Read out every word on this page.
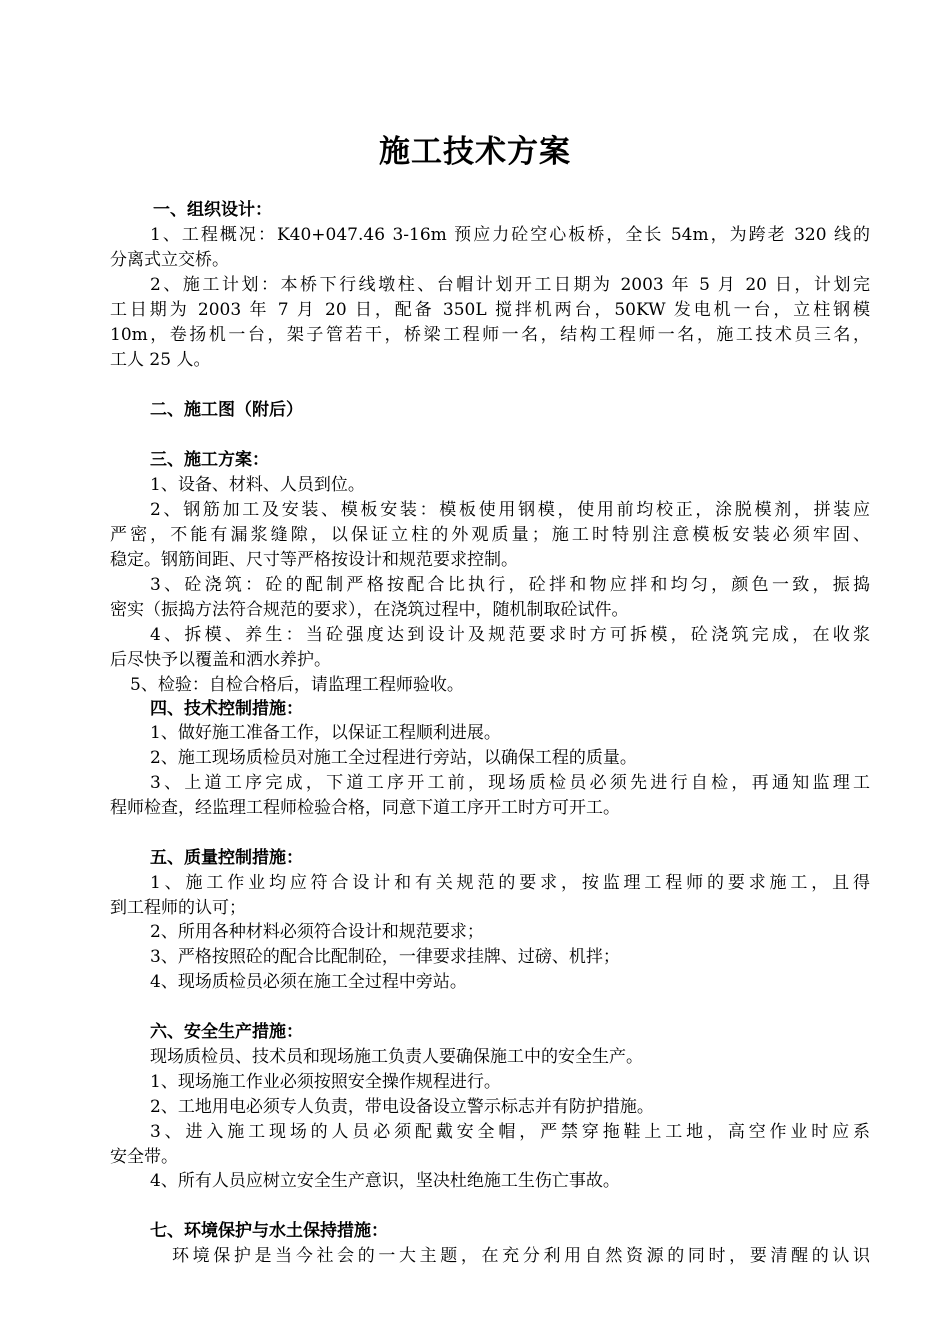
施工技术方案
一、组织设计：
1、工程概况：K40+047.46 3-16m 预应力砼空心板桥，全长 54m，为跨老 320 线的
分离式立交桥。
2、施工计划：本桥下行线墩柱、台帽计划开工日期为 2003 年 5 月 20 日，计划完
工日期为 2003 年 7 月 20 日，配备 350L 搅拌机两台，50KW 发电机一台，立柱钢模
10m，卷扬机一台，架子管若干，桥梁工程师一名，结构工程师一名，施工技术员三名，
工人 25 人。
二、施工图（附后）
三、施工方案：
1、设备、材料、人员到位。
2、钢筋加工及安装、模板安装：模板使用钢模，使用前均校正，涂脱模剂，拼装应
严密，不能有漏浆缝隙，以保证立柱的外观质量；施工时特别注意模板安装必须牢固、
稳定。钢筋间距、尺寸等严格按设计和规范要求控制。
3、砼浇筑：砼的配制严格按配合比执行，砼拌和物应拌和均匀，颜色一致，振捣
密实（振捣方法符合规范的要求），在浇筑过程中，随机制取砼试件。
4、拆模、养生：当砼强度达到设计及规范要求时方可拆模，砼浇筑完成，在收浆
后尽快予以覆盖和洒水养护。
5、检验：自检合格后，请监理工程师验收。
四、技术控制措施：
1、做好施工准备工作，以保证工程顺利进展。
2、施工现场质检员对施工全过程进行旁站，以确保工程的质量。
3、上道工序完成，下道工序开工前，现场质检员必须先进行自检，再通知监理工
程师检查，经监理工程师检验合格，同意下道工序开工时方可开工。
五、质量控制措施：
1、施工作业均应符合设计和有关规范的要求，按监理工程师的要求施工，且得
到工程师的认可；
2、所用各种材料必须符合设计和规范要求；
3、严格按照砼的配合比配制砼，一律要求挂牌、过磅、机拌；
4、现场质检员必须在施工全过程中旁站。
六、安全生产措施：
现场质检员、技术员和现场施工负责人要确保施工中的安全生产。
1、现场施工作业必须按照安全操作规程进行。
2、工地用电必须专人负责，带电设备设立警示标志并有防护措施。
3、进入施工现场的人员必须配戴安全帽，严禁穿拖鞋上工地，高空作业时应系
安全带。
4、所有人员应树立安全生产意识，坚决杜绝施工生伤亡事故。
七、环境保护与水土保持措施：
环境保护是当今社会的一大主题，在充分利用自然资源的同时，要清醒的认识
